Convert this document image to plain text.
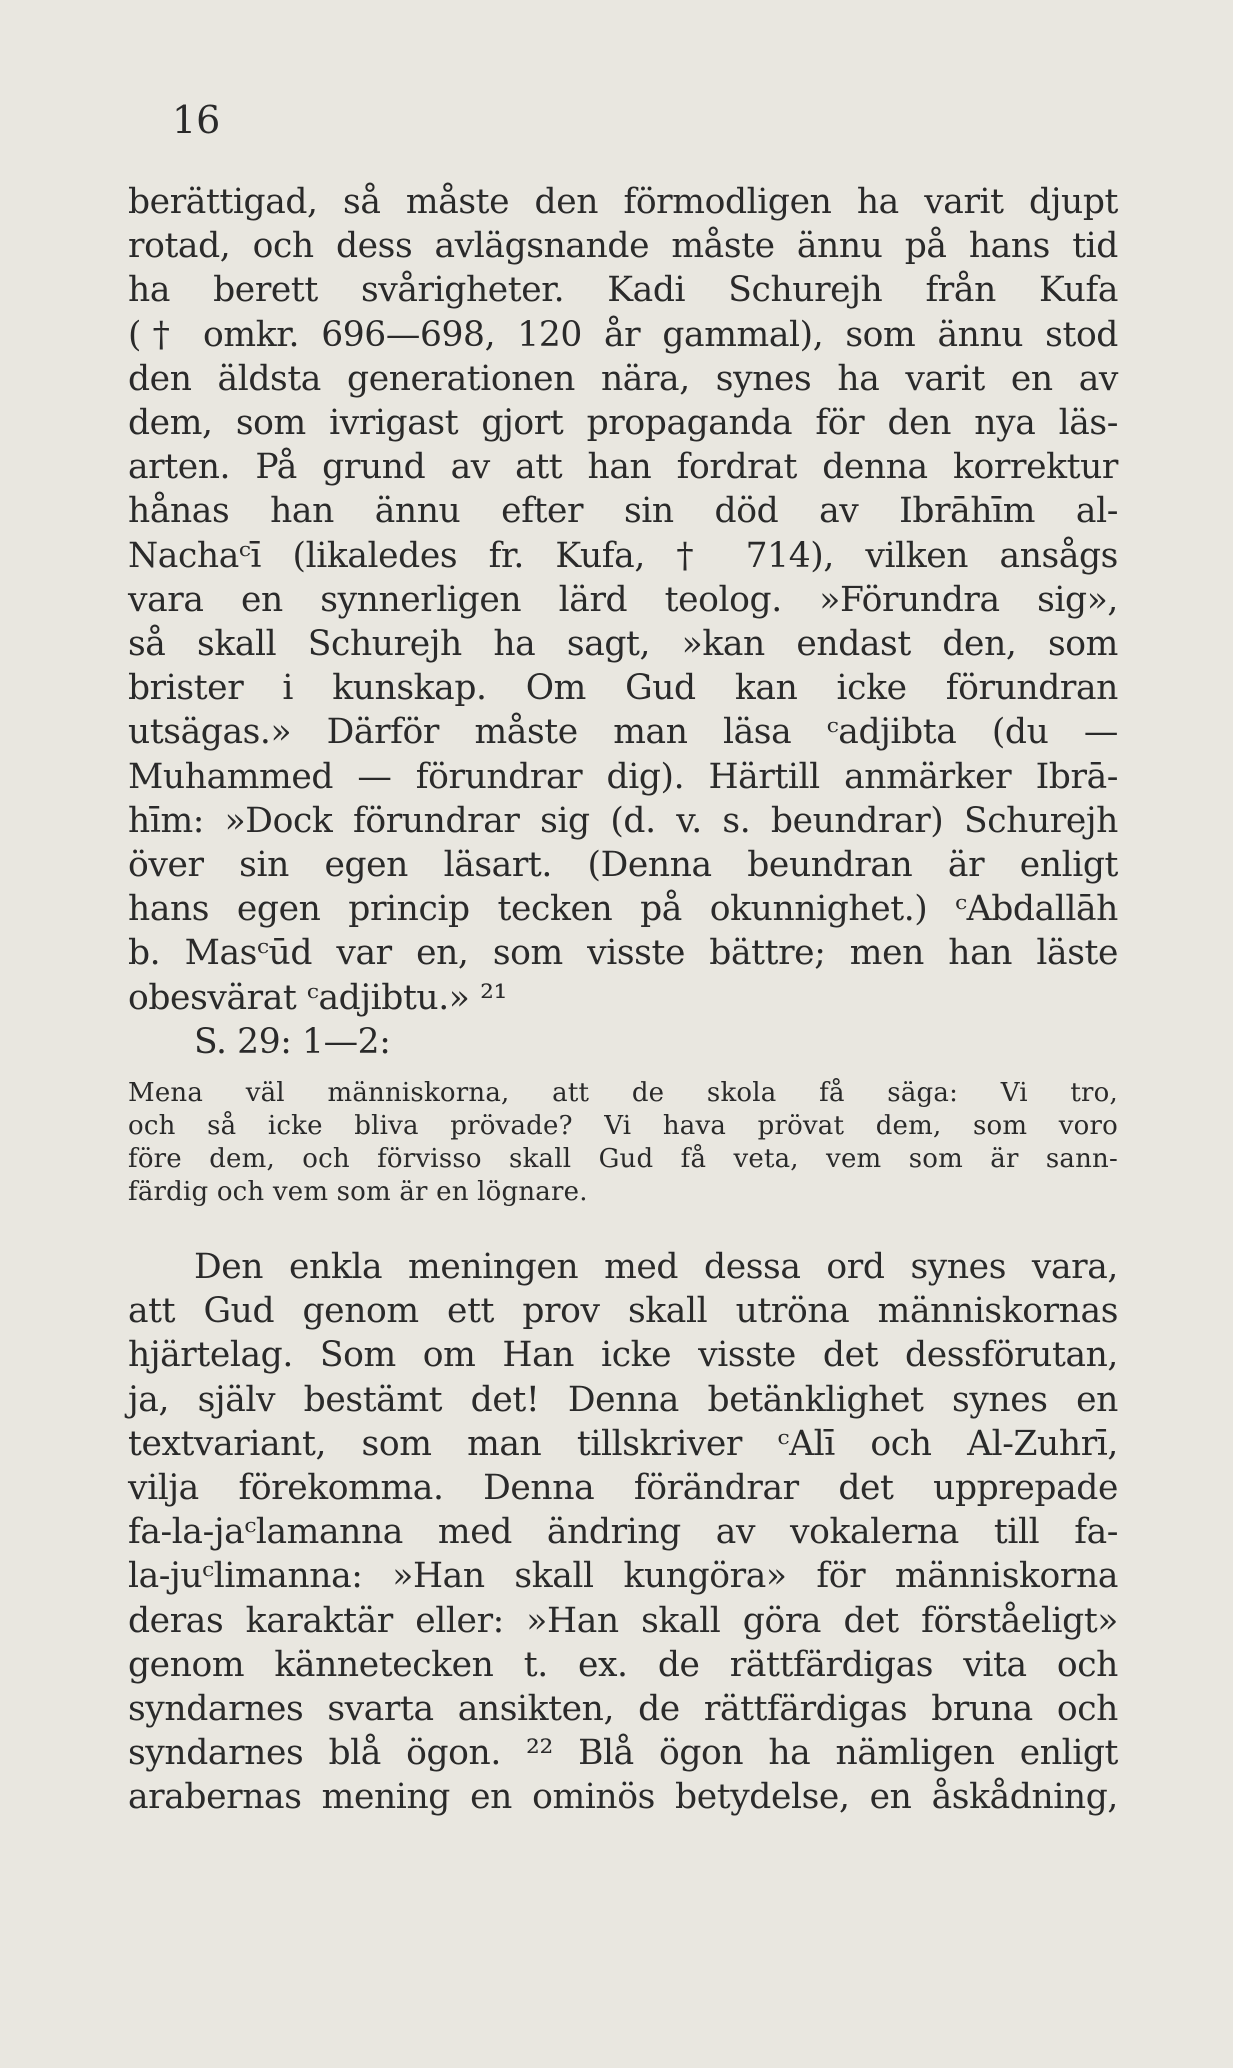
16

berättigad, så måste den förmodligen ha varit djupt
rotad, och dess avlägsnande måste ännu på hans tid
ha berett svårigheter. Kadi Schurejh från Kufa
(† omkr. 696—698, 120 år gammal), som ännu stod
den äldsta generationen nära, synes ha varit en av
dem, som ivrigast gjort propaganda för den nya läs-
arten. På grund av att han fordrat denna korrektur
hånas han ännu efter sin död av Ibrāhīm al-
Nachaᶜī (likaledes fr. Kufa, † 714), vilken ansågs
vara en synnerligen lärd teolog. »Förundra sig»,
så skall Schurejh ha sagt, »kan endast den, som
brister i kunskap. Om Gud kan icke förundran
utsägas.» Därför måste man läsa ᶜadjibta (du —
Muhammed — förundrar dig). Härtill anmärker Ibrā-
hīm: »Dock förundrar sig (d. v. s. beundrar) Schurejh
över sin egen läsart. (Denna beundran är enligt
hans egen princip tecken på okunnighet.) ᶜAbdallāh
b. Masᶜūd var en, som visste bättre; men han läste
obesvärat ᶜadjibtu.» ²¹
S. 29: 1—2:
Mena väl människorna, att de skola få säga: Vi tro,
och så icke bliva prövade? Vi hava prövat dem, som voro
före dem, och förvisso skall Gud få veta, vem som är sann-
färdig och vem som är en lögnare.
Den enkla meningen med dessa ord synes vara,
att Gud genom ett prov skall utröna människornas
hjärtelag. Som om Han icke visste det dessförutan,
ja, själv bestämt det! Denna betänklighet synes en
textvariant, som man tillskriver ᶜAlī och Al-Zuhrī,
vilja förekomma. Denna förändrar det upprepade
fa-la-jaᶜlamanna med ändring av vokalerna till fa-
la-juᶜlimanna: »Han skall kungöra» för människorna
deras karaktär eller: »Han skall göra det förståeligt»
genom kännetecken t. ex. de rättfärdigas vita och
syndarnes svarta ansikten, de rättfärdigas bruna och
syndarnes blå ögon. ²² Blå ögon ha nämligen enligt
arabernas mening en ominös betydelse, en åskådning,
